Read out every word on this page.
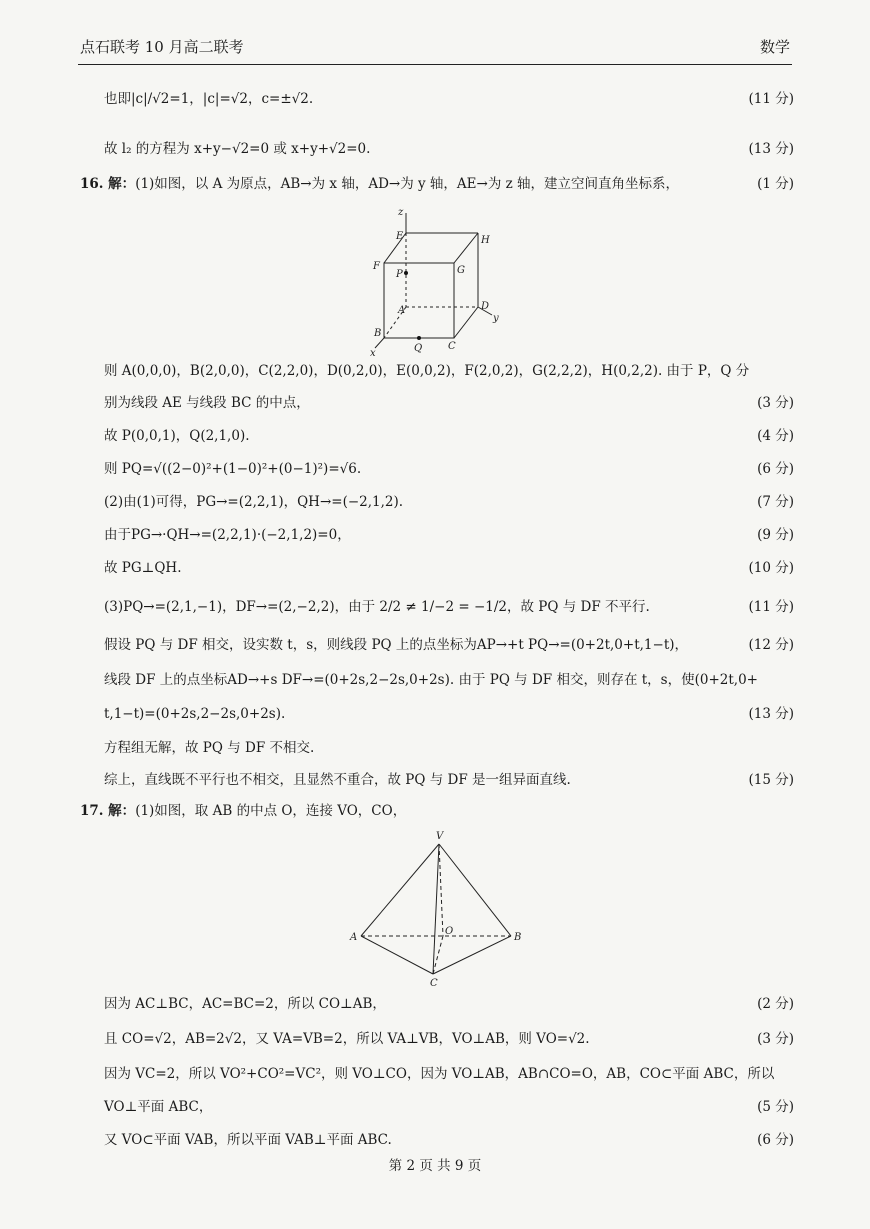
点石联考 10 月高二联考	数学
也即|c|/√2=1，|c|=√2，c=±√2.	(11 分)
故 l₂ 的方程为 x+y−√2=0 或 x+y+√2=0.	(13 分)
16. 解：(1)如图，以 A 为原点，AB→为 x 轴，AD→为 y 轴，AE→为 z 轴，建立空间直角坐标系，	(1 分)
z
E	H
F	G
P
A	D
y
B
Q	C
x
则 A(0,0,0)，B(2,0,0)，C(2,2,0)，D(0,2,0)，E(0,0,2)，F(2,0,2)，G(2,2,2)，H(0,2,2). 由于 P，Q 分
别为线段 AE 与线段 BC 的中点，	(3 分)
故 P(0,0,1)，Q(2,1,0).	(4 分)
则 PQ=√((2−0)²+(1−0)²+(0−1)²)=√6.	(6 分)
(2)由(1)可得，PG→=(2,2,1)，QH→=(−2,1,2).	(7 分)
由于PG→·QH→=(2,2,1)·(−2,1,2)=0，	(9 分)
故 PG⊥QH.	(10 分)
(3)PQ→=(2,1,−1)，DF→=(2,−2,2)，由于 2/2 ≠ 1/−2 = −1/2，故 PQ 与 DF 不平行.	(11 分)
假设 PQ 与 DF 相交，设实数 t，s，则线段 PQ 上的点坐标为AP→+t PQ→=(0+2t,0+t,1−t)，	(12 分)
线段 DF 上的点坐标AD→+s DF→=(0+2s,2−2s,0+2s). 由于 PQ 与 DF 相交，则存在 t，s，使(0+2t,0+
t,1−t)=(0+2s,2−2s,0+2s).	(13 分)
方程组无解，故 PQ 与 DF 不相交.
综上，直线既不平行也不相交，且显然不重合，故 PQ 与 DF 是一组异面直线.	(15 分)
17. 解：(1)如图，取 AB 的中点 O，连接 VO，CO，
V
A
O
B
C
因为 AC⊥BC，AC=BC=2，所以 CO⊥AB，	(2 分)
且 CO=√2，AB=2√2，又 VA=VB=2，所以 VA⊥VB，VO⊥AB，则 VO=√2.	(3 分)
因为 VC=2，所以 VO²+CO²=VC²，则 VO⊥CO，因为 VO⊥AB，AB∩CO=O，AB，CO⊂平面 ABC，所以
VO⊥平面 ABC，	(5 分)
又 VO⊂平面 VAB，所以平面 VAB⊥平面 ABC.	(6 分)
第 2 页 共 9 页
